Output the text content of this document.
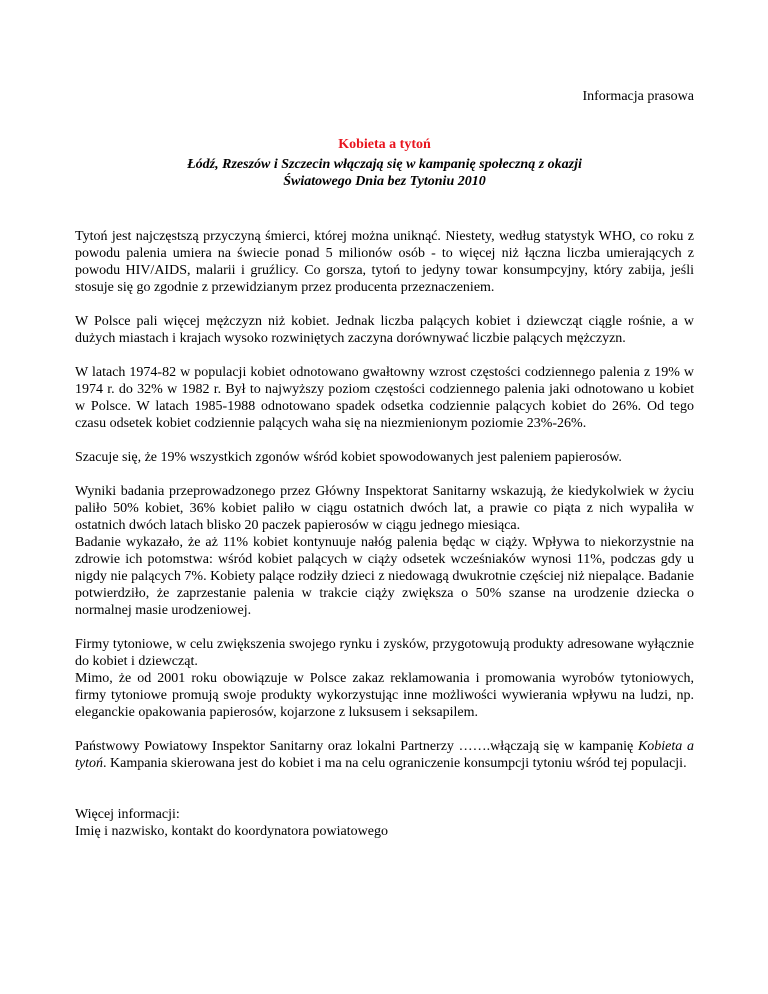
Informacja prasowa
Kobieta a tytoń
Łódź, Rzeszów i Szczecin włączają się w kampanię społeczną z okazji
Światowego Dnia bez Tytoniu 2010

Tytoń jest najczęstszą przyczyną śmierci, której można uniknąć. Niestety, według statystyk WHO, co roku z powodu palenia umiera na świecie ponad 5 milionów osób - to więcej niż łączna liczba umierających z powodu HIV/AIDS, malarii i gruźlicy. Co gorsza, tytoń to jedyny towar konsumpcyjny, który zabija, jeśli stosuje się go zgodnie z przewidzianym przez producenta przeznaczeniem.

W Polsce pali więcej mężczyzn niż kobiet. Jednak liczba palących kobiet i dziewcząt ciągle rośnie, a w dużych miastach i krajach wysoko rozwiniętych zaczyna dorównywać liczbie palących mężczyzn.

W latach 1974-82 w populacji kobiet odnotowano gwałtowny wzrost częstości codziennego palenia z 19% w 1974 r. do 32% w 1982 r. Był to najwyższy poziom częstości codziennego palenia jaki odnotowano u kobiet w Polsce. W latach 1985-1988 odnotowano spadek odsetka codziennie palących kobiet do 26%. Od tego czasu odsetek kobiet codziennie palących waha się na niezmienionym poziomie 23%-26%.

Szacuje się, że 19% wszystkich zgonów wśród kobiet spowodowanych jest paleniem papierosów.

Wyniki badania przeprowadzonego przez Główny Inspektorat Sanitarny wskazują, że kiedykolwiek w życiu paliło 50% kobiet, 36% kobiet paliło w ciągu ostatnich dwóch lat, a prawie co piąta z nich wypaliła w ostatnich dwóch latach blisko 20 paczek papierosów w ciągu jednego miesiąca.
Badanie wykazało, że aż 11% kobiet kontynuuje nałóg palenia będąc w ciąży. Wpływa to niekorzystnie na zdrowie ich potomstwa: wśród kobiet palących w ciąży odsetek wcześniaków wynosi 11%, podczas gdy u nigdy nie palących 7%. Kobiety palące rodziły dzieci z niedowagą dwukrotnie częściej niż niepalące. Badanie potwierdziło, że zaprzestanie palenia w trakcie ciąży zwiększa o 50% szanse na urodzenie dziecka o normalnej masie urodzeniowej.

Firmy tytoniowe, w celu zwiększenia swojego rynku i zysków, przygotowują produkty adresowane wyłącznie do kobiet i dziewcząt.
Mimo, że od 2001 roku obowiązuje w Polsce zakaz reklamowania i promowania wyrobów tytoniowych, firmy tytoniowe promują swoje produkty wykorzystując inne możliwości wywierania wpływu na ludzi, np. eleganckie opakowania papierosów, kojarzone z luksusem i seksapilem.

Państwowy Powiatowy Inspektor Sanitarny oraz lokalni Partnerzy …….włączają się w kampanię Kobieta a tytoń. Kampania skierowana jest do kobiet i ma na celu ograniczenie konsumpcji tytoniu wśród tej populacji.

Więcej informacji:
Imię i nazwisko, kontakt do koordynatora powiatowego
